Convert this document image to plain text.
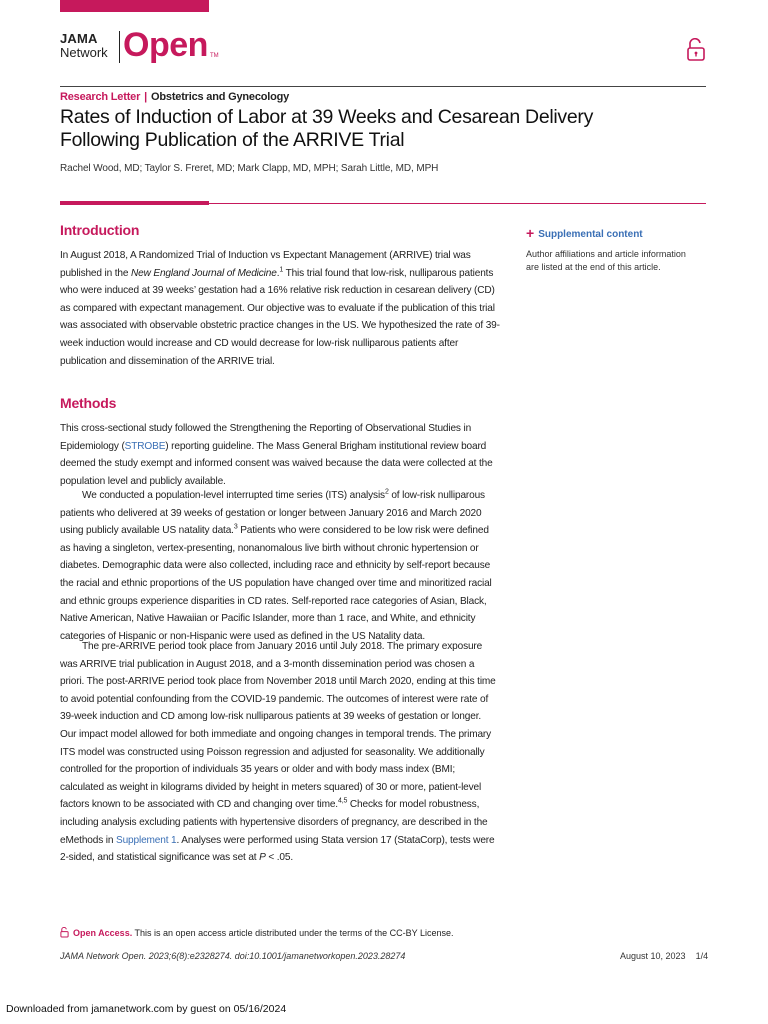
JAMA
Network Open TM
Research Letter | Obstetrics and Gynecology
Rates of Induction of Labor at 39 Weeks and Cesarean Delivery Following Publication of the ARRIVE Trial
Rachel Wood, MD; Taylor S. Freret, MD; Mark Clapp, MD, MPH; Sarah Little, MD, MPH
+ Supplemental content
Author affiliations and article information are listed at the end of this article.
Introduction

In August 2018, A Randomized Trial of Induction vs Expectant Management (ARRIVE) trial was published in the New England Journal of Medicine.$^1$ This trial found that low-risk, nulliparous patients who were induced at 39 weeks’ gestation had a 16% relative risk reduction in cesarean delivery (CD) as compared with expectant management. Our objective was to evaluate if the publication of this trial was associated with observable obstetric practice changes in the US. We hypothesized the rate of 39-week induction would increase and CD would decrease for low-risk nulliparous patients after publication and dissemination of the ARRIVE trial.

Methods

This cross-sectional study followed the Strengthening the Reporting of Observational Studies in Epidemiology (STROBE) reporting guideline. The Mass General Brigham institutional review board deemed the study exempt and informed consent was waived because the data were collected at the population level and publicly available.

We conducted a population-level interrupted time series (ITS) analysis$^2$ of low-risk nulliparous patients who delivered at 39 weeks of gestation or longer between January 2016 and March 2020 using publicly available US natality data.$^3$ Patients who were considered to be low risk were defined as having a singleton, vertex-presenting, nonanomalous live birth without chronic hypertension or diabetes. Demographic data were also collected, including race and ethnicity by self-report because the racial and ethnic proportions of the US population have changed over time and minoritized racial and ethnic groups experience disparities in CD rates. Self-reported race categories of Asian, Black, Native American, Native Hawaiian or Pacific Islander, more than 1 race, and White, and ethnicity categories of Hispanic or non-Hispanic were used as defined in the US Natality data.

The pre-ARRIVE period took place from January 2016 until July 2018. The primary exposure was ARRIVE trial publication in August 2018, and a 3-month dissemination period was chosen a priori. The post-ARRIVE period took place from November 2018 until March 2020, ending at this time to avoid potential confounding from the COVID-19 pandemic. The outcomes of interest were rate of 39-week induction and CD among low-risk nulliparous patients at 39 weeks of gestation or longer. Our impact model allowed for both immediate and ongoing changes in temporal trends. The primary ITS model was constructed using Poisson regression and adjusted for seasonality. We additionally controlled for the proportion of individuals 35 years or older and with body mass index (BMI; calculated as weight in kilograms divided by height in meters squared) of 30 or more, patient-level factors known to be associated with CD and changing over time.$^{4,5}$ Checks for model robustness, including analysis excluding patients with hypertensive disorders of pregnancy, are described in the eMethods in Supplement 1. Analyses were performed using Stata version 17 (StataCorp), tests were 2-sided, and statistical significance was set at P < .05.

Open Access. This is an open access article distributed under the terms of the CC-BY License.
JAMA Network Open. 2023;6(8):e2328274. doi:10.1001/jamanetworkopen.2023.28274	August 10, 2023 1/4
Downloaded from jamanetwork.com by guest on 05/16/2024
